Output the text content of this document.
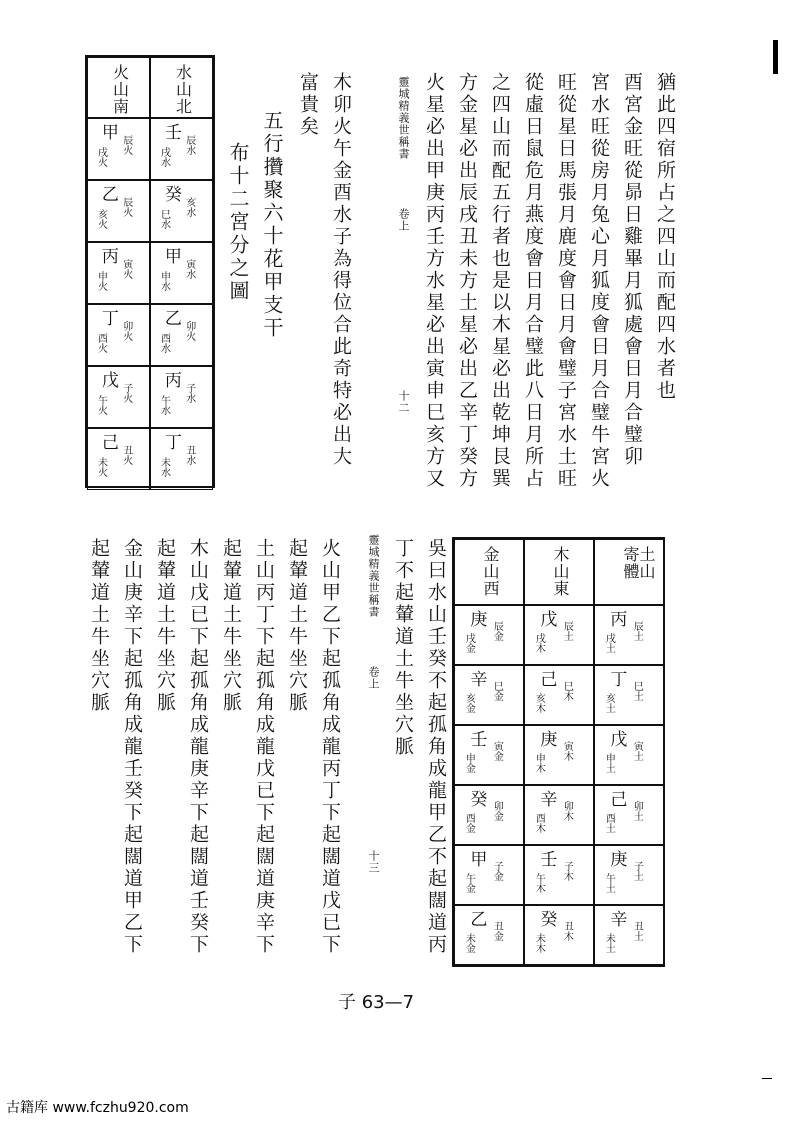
猶此四宿所占之四山而配四水者也
酉宮金旺從昴日雞畢月狐處會日月合璧卯
宮水旺從房月兔心月狐度會日月合璧牛宮火
旺從星日馬張月鹿度會日月會璧子宮水土旺
從虛日鼠危月燕度會日月合璧此八日月所占
之四山而配五行者也是以木星必出乾坤艮巽
方金星必出辰戌丑未方土星必出乙辛丁癸方
火星必出甲庚丙壬方水星必出寅申巳亥方又
靈城精義世稱書
卷上
十二
木卯火午金酉水子為得位合此奇特必出大
富貴矣
五行攢聚六十花甲支干
布十二宮分之圖
水山北
壬
辰水
戌水
癸
亥水
巳水
甲
寅水
申水
乙
卯火
酉水
丙
子水
午水
丁
丑水
未水
火山南
甲
辰火
戌火
乙
辰火
亥火
丙
寅火
申火
丁
卯火
酉火
戊
子火
午火
己
丑火
未火
土山 寄體
丙
辰土
戌土
丁
巳土
亥土
戊
寅土
申土
己
卯土
酉土
庚
子土
午土
辛
丑土
未土
木山東
戊
辰土
戌木
己
巳木
亥木
庚
寅木
申木
辛
卯木
酉木
壬
子木
午木
癸
丑木
未木
金山西
庚
辰金
戌金
辛
巳金
亥金
壬
寅金
申金
癸
卯金
酉金
甲
子金
午金
乙
丑金
未金
吳曰水山壬癸不起孤角成龍甲乙不起闊道丙
丁不起輦道土牛坐穴脈
靈城精義世稱書
卷上
十三
火山甲乙下起孤角成龍丙丁下起闊道戊已下
起輦道土牛坐穴脈
土山丙丁下起孤角成龍戊已下起闊道庚辛下
起輦道土牛坐穴脈
木山戊已下起孤角成龍庚辛下起闊道壬癸下
起輦道土牛坐穴脈
金山庚辛下起孤角成龍壬癸下起闊道甲乙下
起輦道土牛坐穴脈
子 63—7
古籍库 www.fczhu920.com
